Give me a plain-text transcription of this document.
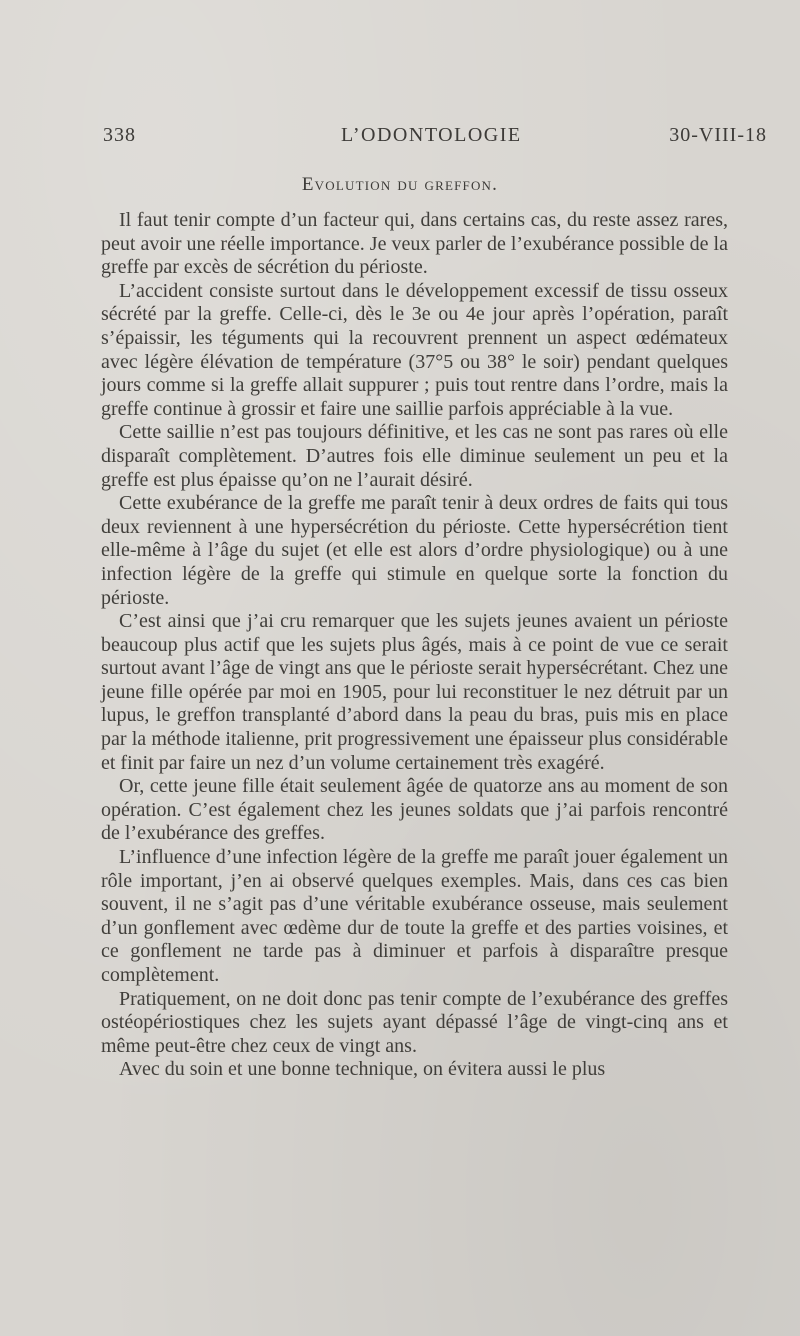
338	L’ODONTOLOGIE	30-VIII-18
Evolution du greffon.

Il faut tenir compte d’un facteur qui, dans certains cas, du reste assez rares, peut avoir une réelle importance. Je veux parler de l’exubérance possible de la greffe par excès de sécrétion du périoste.

L’accident consiste surtout dans le développement excessif de tissu osseux sécrété par la greffe. Celle-ci, dès le 3e ou 4e jour après l’opération, paraît s’épaissir, les téguments qui la recouvrent prennent un aspect œdémateux avec légère élévation de température (37°5 ou 38° le soir) pendant quelques jours comme si la greffe allait suppurer ; puis tout rentre dans l’ordre, mais la greffe continue à grossir et faire une saillie parfois appréciable à la vue.

Cette saillie n’est pas toujours définitive, et les cas ne sont pas rares où elle disparaît complètement. D’autres fois elle diminue seulement un peu et la greffe est plus épaisse qu’on ne l’aurait désiré.

Cette exubérance de la greffe me paraît tenir à deux ordres de faits qui tous deux reviennent à une hypersécrétion du périoste. Cette hypersécrétion tient elle-même à l’âge du sujet (et elle est alors d’ordre physiologique) ou à une infection légère de la greffe qui stimule en quelque sorte la fonction du périoste.

C’est ainsi que j’ai cru remarquer que les sujets jeunes avaient un périoste beaucoup plus actif que les sujets plus âgés, mais à ce point de vue ce serait surtout avant l’âge de vingt ans que le périoste serait hypersécrétant. Chez une jeune fille opérée par moi en 1905, pour lui reconstituer le nez détruit par un lupus, le greffon transplanté d’abord dans la peau du bras, puis mis en place par la méthode italienne, prit progressivement une épaisseur plus considérable et finit par faire un nez d’un volume certainement très exagéré.

Or, cette jeune fille était seulement âgée de quatorze ans au moment de son opération. C’est également chez les jeunes soldats que j’ai parfois rencontré de l’exubérance des greffes.

L’influence d’une infection légère de la greffe me paraît jouer également un rôle important, j’en ai observé quelques exemples. Mais, dans ces cas bien souvent, il ne s’agit pas d’une véritable exubérance osseuse, mais seulement d’un gonflement avec œdème dur de toute la greffe et des parties voisines, et ce gonflement ne tarde pas à diminuer et parfois à disparaître presque complètement.

Pratiquement, on ne doit donc pas tenir compte de l’exubérance des greffes ostéopériostiques chez les sujets ayant dépassé l’âge de vingt-cinq ans et même peut-être chez ceux de vingt ans.

Avec du soin et une bonne technique, on évitera aussi le plus
